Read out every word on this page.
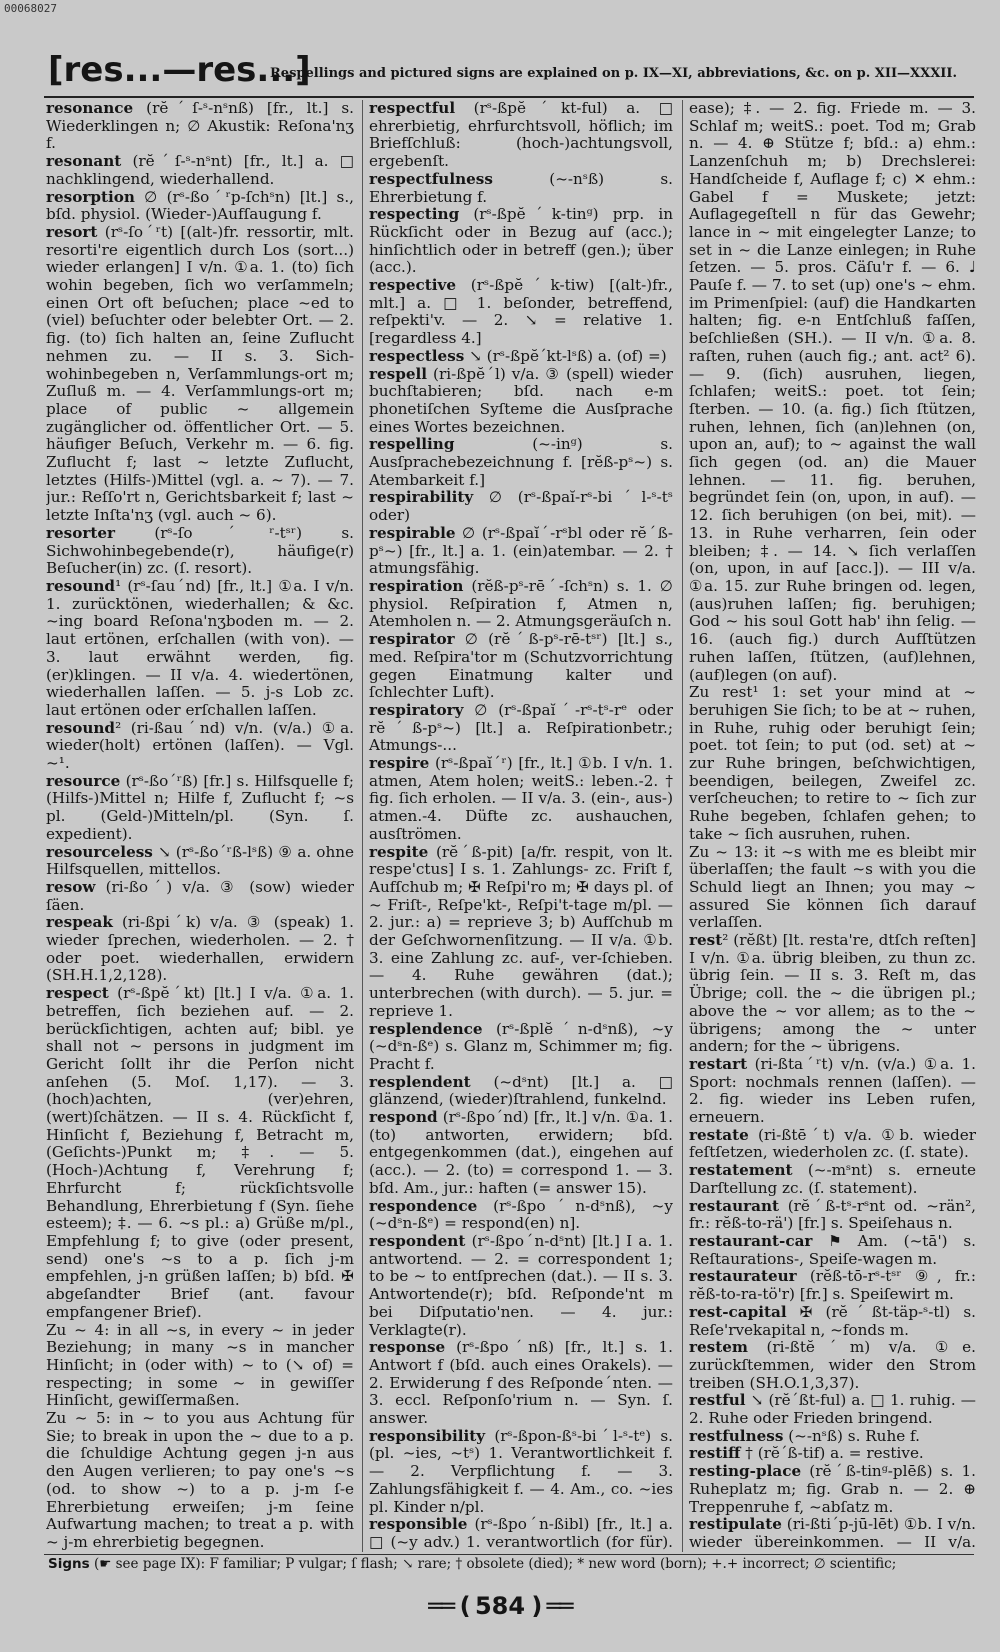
00068027
[res...—res...]
Respellings and pictured signs are explained on p. IX—XI, abbreviations, &c. on p. XII—XXXII.

resonance (rĕˊſ-ˢ-nˢnß) [fr., lt.] s. Wiederklingen n; ∅ Akustik: Reſona'nʒ f.

resonant (rĕˊſ-ˢ-nˢnt) [fr., lt.] a. □ nachklingend, wiederhallend.

resorption ∅ (rˢ-ßoˊʳp-ſchˢn) [lt.] s., bſd. physiol. (Wieder-)Aufſaugung f.

resort (rˢ-ſoˊʳt) [(alt-)fr. ressortir, mlt. resorti're eigentlich durch Los (sort...) wieder erlangen] I v/n. ①a. 1. (to) ſich wohin begeben, ſich wo verſammeln; einen Ort oft beſuchen; place ~ed to (viel) beſuchter oder belebter Ort. — 2. fig. (to) ſich halten an, ſeine Zuflucht nehmen zu. — II s. 3. Sich-wohinbegeben n, Verſammlungs-ort m; Zuſluß m. — 4. Verſammlungs-ort m; place of public ~ allgemein zugänglicher od. öffentlicher Ort. — 5. häufiger Beſuch, Verkehr m. — 6. fig. Zuflucht f; last ~ letzte Zuflucht, letztes (Hilfs-)Mittel (vgl. a. ~ 7). — 7. jur.: Reſſo'rt n, Gerichtsbarkeit f; last ~ letzte Inſta'nʒ (vgl. auch ~ 6).

resorter (rˢ-ſoˊʳ-tˢʳ) s. Sichwohinbegebende(r), häufige(r) Beſucher(in) zc. (ſ. resort).

resound¹ (rˢ-ſauˊnd) [fr., lt.] ①a. I v/n. 1. zurücktönen, wiederhallen; & &c. ~ing board Reſona'nʒboden m. — 2. laut ertönen, erſchallen (with von). — 3. laut erwähnt werden, fig. (er)klingen. — II v/a. 4. wiedertönen, wiederhallen laſſen. — 5. j-s Lob zc. laut ertönen oder erſchallen laſſen.

resound² (ri-ßauˊnd) v/n. (v/a.) ①a. wieder(holt) ertönen (laſſen). — Vgl. ~¹.

resource (rˢ-ßoˊʳß) [fr.] s. Hilfsquelle f; (Hilfs-)Mittel n; Hilfe f, Zuflucht f; ~s pl. (Geld-)Mitteln/pl. (Syn. ſ. expedient).

resourceless ↘ (rˢ-ßoˊʳß-lˢß) ⑨ a. ohne Hilfsquellen, mittellos.

resow (ri-ßoˊ) v/a. ③ (sow) wieder ſäen.

respeak (ri-ßpiˊk) v/a. ③ (speak) 1. wieder ſprechen, wiederholen. — 2. † oder poet. wiederhallen, erwidern (SH.H.1,2,128).

respect (rˢ-ßpĕˊkt) [lt.] I v/a. ①a. 1. betreffen, ſich beziehen auf. — 2. berückſichtigen, achten auf; bibl. ye shall not ~ persons in judgment im Gericht ſollt ihr die Perſon nicht anſehen (5. Moſ. 1,17). — 3. (hoch)achten, (ver)ehren, (wert)ſchätzen. — II s. 4. Rückſicht f, Hinſicht f, Beziehung f, Betracht m, (Geſichts-)Punkt m; ‡. — 5. (Hoch-)Achtung f, Verehrung f; Ehrfurcht f; rückſichtsvolle Behandlung, Ehrerbietung f (Syn. ſiehe esteem); ‡. — 6. ~s pl.: a) Grüße m/pl., Empfehlung f; to give (oder present, send) one's ~s to a p. ſich j-m empfehlen, j-n grüßen laſſen; b) bſd. ✠ abgeſandter Brief (ant. favour empfangener Brief).

Zu ~ 4: in all ~s, in every ~ in jeder Beziehung; in many ~s in mancher Hinſicht; in (oder with) ~ to (↘ of) = respecting; in some ~ in gewiſſer Hinſicht, gewiſſermaßen.

Zu ~ 5: in ~ to you aus Achtung für Sie; to break in upon the ~ due to a p. die ſchuldige Achtung gegen j-n aus den Augen verlieren; to pay one's ~s (od. to show ~) to a p. j-m ſ-e Ehrerbietung erweiſen; j-m ſeine Aufwartung machen; to treat a p. with ~ j-m ehrerbietig begegnen.

respectful (rˢ-ßpĕˊkt-ful) a. □ ehrerbietig, ehrfurchtsvoll, höflich; im Briefſchluß: (hoch-)achtungsvoll, ergebenſt.

respectfulness (~-nˢß) s. Ehrerbietung f.

respecting (rˢ-ßpĕˊk-tinᵍ) prp. in Rückſicht oder in Bezug auf (acc.); hinſichtlich oder in betreff (gen.); über (acc.).

respective (rˢ-ßpĕˊk-tiw) [(alt-)fr., mlt.] a. □ 1. beſonder, betreffend, reſpekti'v. — 2. ↘ = relative 1. [regardless 4.]

respectless ↘ (rˢ-ßpĕˊkt-lˢß) a. (of) =)

respell (ri-ßpĕˊl) v/a. ③ (spell) wieder buchſtabieren; bſd. nach e-m phonetiſchen Syſteme die Ausſprache eines Wortes bezeichnen.

respelling (~-inᵍ) s. Ausſprachebezeichnung f. [rĕß-pˢ~) s. Atembarkeit f.]

respirability ∅ (rˢ-ßpaĭ-rˢ-biˊl-ˢ-tˢ oder)

respirable ∅ (rˢ-ßpaĭˊ-rˢbl oder rĕˊß-pˢ~) [fr., lt.] a. 1. (ein)atembar. — 2. † atmungsfähig.

respiration (rĕß-pˢ-rēˊ-ſchˢn) s. 1. ∅ physiol. Reſpiration f, Atmen n, Atemholen n. — 2. Atmungsgeräuſch n.

respirator ∅ (rĕˊß-pˢ-rē-tˢʳ) [lt.] s., med. Reſpira'tor m (Schutzvorrichtung gegen Einatmung kalter und ſchlechter Luft).

respiratory ∅ (rˢ-ßpaĭˊ-rˢ-tˢ-rᵉ oder rĕˊß-pˢ~) [lt.] a. Reſpirationbetr.; Atmungs-...

respire (rˢ-ßpaĭˊʳ) [fr., lt.] ①b. I v/n. 1. atmen, Atem holen; weitS.: leben.-2. † fig. ſich erholen. — II v/a. 3. (ein-, aus-) atmen.-4. Düfte zc. aushauchen, ausſtrömen.

respite (rĕˊß-pit) [a/fr. respit, von lt. respe'ctus] I s. 1. Zahlungs- zc. Friſt f, Aufſchub m; ✠ Reſpi'ro m; ✠ days pl. of ~ Friſt-, Reſpe'kt-, Reſpi't-tage m/pl. — 2. jur.: a) = reprieve 3; b) Aufſchub m der Geſchwornenſitzung. — II v/a. ①b. 3. eine Zahlung zc. auf-, ver-ſchieben. — 4. Ruhe gewähren (dat.); unterbrechen (with durch). — 5. jur. = reprieve 1.

resplendence (rˢ-ßplĕˊn-dˢnß), ~y (~dˢn-ßᵉ) s. Glanz m, Schimmer m; fig. Pracht f.

resplendent (~dˢnt) [lt.] a. □ glänzend, (wieder)ſtrahlend, funkelnd.

respond (rˢ-ßpoˊnd) [fr., lt.] v/n. ①a. 1. (to) antworten, erwidern; bſd. entgegenkommen (dat.), eingehen auf (acc.). — 2. (to) = correspond 1. — 3. bſd. Am., jur.: haften (= answer 15).

respondence (rˢ-ßpoˊn-dˢnß), ~y (~dˢn-ßᵉ) = respond(en) n].

respondent (rˢ-ßpoˊn-dˢnt) [lt.] I a. 1. antwortend. — 2. = correspondent 1; to be ~ to entſprechen (dat.). — II s. 3. Antwortende(r); bſd. Reſponde'nt m bei Diſputatio'nen. — 4. jur.: Verklagte(r).

response (rˢ-ßpoˊnß) [fr., lt.] s. 1. Antwort f (bſd. auch eines Orakels). — 2. Erwiderung f des Reſpondeˊnten. — 3. eccl. Reſponſo'rium n. — Syn. ſ. answer.

responsibility (rˢ-ßpon-ßˢ-biˊl-ˢ-tᵉ) s. (pl. ~ies, ~tˢ) 1. Verantwortlichkeit f. — 2. Verpflichtung f. — 3. Zahlungsfähigkeit f. — 4. Am., co. ~ies pl. Kinder n/pl.

responsible (rˢ-ßpoˊn-ßibl) [fr., lt.] a. □ (~y adv.) 1. verantwortlich (for für).

ease); ‡. — 2. fig. Friede m. — 3. Schlaf m; weitS.: poet. Tod m; Grab n. — 4. ⊕ Stütze f; bſd.: a) ehm.: Lanzenſchuh m; b) Drechslerei: Handſcheide f, Auflage f; c) ✕ ehm.: Gabel f = Muskete; jetzt: Auflagegeſtell n für das Gewehr; lance in ~ mit eingelegter Lanze; to set in ~ die Lanze einlegen; in Ruhe ſetzen. — 5. pros. Cäſu'r f. — 6. ♩ Pauſe f. — 7. to set (up) one's ~ ehm. im Primenſpiel: (auf) die Handkarten halten; fig. e-n Entſchluß faſſen, beſchließen (SH.). — II v/n. ①a. 8. raſten, ruhen (auch fig.; ant. act² 6). — 9. (ſich) ausruhen, liegen, ſchlafen; weitS.: poet. tot ſein; ſterben. — 10. (a. fig.) ſich ſtützen, ruhen, lehnen, ſich (an)lehnen (on, upon an, auf); to ~ against the wall ſich gegen (od. an) die Mauer lehnen. — 11. fig. beruhen, begründet ſein (on, upon, in auf). — 12. ſich beruhigen (on bei, mit). — 13. in Ruhe verharren, ſein oder bleiben; ‡. — 14. ↘ ſich verlaſſen (on, upon, in auf [acc.]). — III v/a. ①a. 15. zur Ruhe bringen od. legen, (aus)ruhen laſſen; fig. beruhigen; God ~ his soul Gott hab' ihn ſelig. — 16. (auch fig.) durch Aufſtützen ruhen laſſen, ſtützen, (auf)lehnen, (auf)legen (on auf).

Zu rest¹ 1: set your mind at ~ beruhigen Sie ſich; to be at ~ ruhen, in Ruhe, ruhig oder beruhigt ſein; poet. tot ſein; to put (od. set) at ~ zur Ruhe bringen, beſchwichtigen, beendigen, beilegen, Zweifel zc. verſcheuchen; to retire to ~ ſich zur Ruhe begeben, ſchlafen gehen; to take ~ ſich ausruhen, ruhen.

Zu ~ 13: it ~s with me es bleibt mir überlaſſen; the fault ~s with you die Schuld liegt an Ihnen; you may ~ assured Sie können ſich darauf verlaſſen.

rest² (rĕßt) [lt. resta're, dtſch reſten] I v/n. ①a. übrig bleiben, zu thun zc. übrig ſein. — II s. 3. Reſt m, das Übrige; coll. the ~ die übrigen pl.; above the ~ vor allem; as to the ~ übrigens; among the ~ unter andern; for the ~ übrigens.

restart (ri-ßtaˊʳt) v/n. (v/a.) ①a. 1. Sport: nochmals rennen (laſſen). — 2. fig. wieder ins Leben rufen, erneuern.

restate (ri-ßtēˊt) v/a. ①b. wieder feſtſetzen, wiederholen zc. (ſ. state).

restatement (~-mˢnt) s. erneute Darſtellung zc. (ſ. statement).

restaurant (rĕˊß-tˢ-rˢnt od. ~rän², fr.: rĕß-to-rä') [fr.] s. Speiſehaus n.

restaurant-car ⚑ Am. (~tā') s. Reſtaurations-, Speiſe-wagen m.

restaurateur (rĕß-tō-rˢ-tˢʳ ⑨, fr.: rĕß-to-ra-tö'r) [fr.] s. Speiſewirt m.

rest-capital ✠ (rĕˊßt-täp-ˢ-tl) s. Reſe'rvekapital n, ~fonds m.

restem (ri-ßtĕˊm) v/a. ①e. zurückſtemmen, wider den Strom treiben (SH.O.1,3,37).

restful ↘ (rĕˊßt-ful) a. □ 1. ruhig. — 2. Ruhe oder Frieden bringend.

restfulness (~-nˢß) s. Ruhe f.

restiff † (rĕˊß-tif) a. = restive.

resting-place (rĕˊß-tinᵍ-plēß) s. 1. Ruheplatz m; fig. Grab n. — 2. ⊕ Treppenruhe f, ~abſatz m.

restipulate (ri-ßtiˊp-jū-lēt) ①b. I v/n. wieder übereinkommen. — II v/a.

Signs (☛ see page IX): F familiar; P vulgar; ſ flash; ↘ rare; † obsolete (died); * new word (born); +.+ incorrect; ∅ scientific;
══ ( 584 ) ══
